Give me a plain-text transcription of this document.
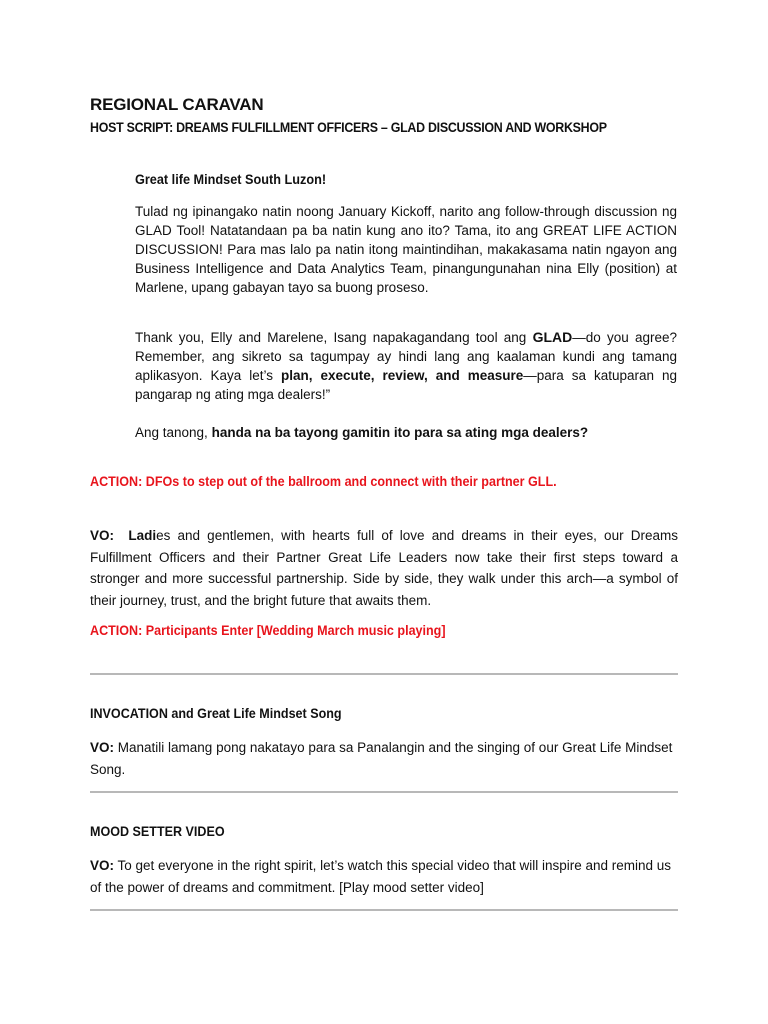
REGIONAL CARAVAN
HOST SCRIPT: DREAMS FULFILLMENT OFFICERS – GLAD DISCUSSION AND WORKSHOP
Great life Mindset South Luzon!
Tulad ng ipinangako natin noong January Kickoff, narito ang follow-through discussion ng GLAD Tool! Natatandaan pa ba natin kung ano ito? Tama, ito ang GREAT LIFE ACTION DISCUSSION! Para mas lalo pa natin itong maintindihan, makakasama natin ngayon ang Business Intelligence and Data Analytics Team, pinangungunahan nina Elly (position) at Marlene, upang gabayan tayo sa buong proseso.
Thank you, Elly and Marelene, Isang napakagandang tool ang GLAD—do you agree? Remember, ang sikreto sa tagumpay ay hindi lang ang kaalaman kundi ang tamang aplikasyon. Kaya let’s plan, execute, review, and measure—para sa katuparan ng pangarap ng ating mga dealers!”
Ang tanong, handa na ba tayong gamitin ito para sa ating mga dealers?
ACTION: DFOs to step out of the ballroom and connect with their partner GLL.
VO: Ladies and gentlemen, with hearts full of love and dreams in their eyes, our Dreams Fulfillment Officers and their Partner Great Life Leaders now take their first steps toward a stronger and more successful partnership. Side by side, they walk under this arch—a symbol of their journey, trust, and the bright future that awaits them.
ACTION: Participants Enter [Wedding March music playing]
INVOCATION and Great Life Mindset Song
VO: Manatili lamang pong nakatayo para sa Panalangin and the singing of our Great Life Mindset Song.
MOOD SETTER VIDEO
VO: To get everyone in the right spirit, let’s watch this special video that will inspire and remind us of the power of dreams and commitment. [Play mood setter video]
